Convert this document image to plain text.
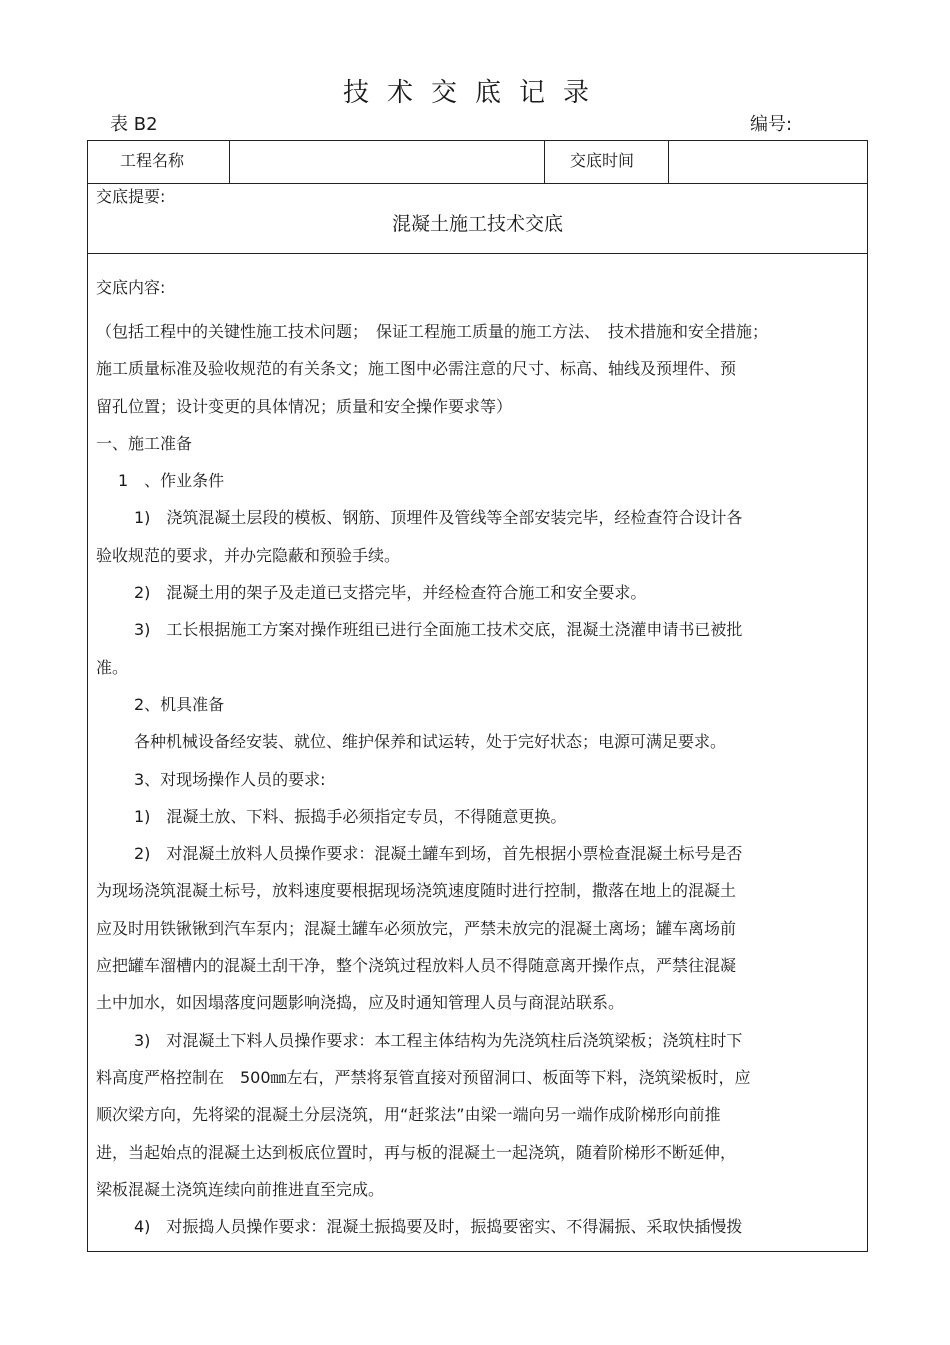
技术交底记录
表 B2	编号:
工程名称	交底时间
交底提要:
混凝土施工技术交底
交底内容:

（包括工程中的关键性施工技术问题；　保证工程施工质量的施工方法、　技术措施和安全措施；

施工质量标准及验收规范的有关条文；施工图中必需注意的尺寸、标高、轴线及预埋件、预

留孔位置；设计变更的具体情况；质量和安全操作要求等）

一、施工准备

1　、作业条件

1)　浇筑混凝土层段的模板、钢筋、顶埋件及管线等全部安装完毕，经检查符合设计各

验收规范的要求，并办完隐蔽和预验手续。

2)　混凝土用的架子及走道已支搭完毕，并经检查符合施工和安全要求。

3)　工长根据施工方案对操作班组已进行全面施工技术交底，混凝土浇灌申请书已被批

准。

2、机具准备

各种机械设备经安装、就位、维护保养和试运转，处于完好状态；电源可满足要求。

3、对现场操作人员的要求:

1)　混凝土放、下料、振捣手必须指定专员，不得随意更换。

2)　对混凝土放料人员操作要求：混凝土罐车到场，首先根据小票检查混凝土标号是否

为现场浇筑混凝土标号，放料速度要根据现场浇筑速度随时进行控制，撒落在地上的混凝土

应及时用铁锹锹到汽车泵内；混凝土罐车必须放完，严禁未放完的混凝土离场；罐车离场前

应把罐车溜槽内的混凝土刮干净，整个浇筑过程放料人员不得随意离开操作点，严禁往混凝

土中加水，如因塌落度问题影响浇捣，应及时通知管理人员与商混站联系。

3)　对混凝土下料人员操作要求：本工程主体结构为先浇筑柱后浇筑梁板；浇筑柱时下

料高度严格控制在　500㎜左右，严禁将泵管直接对预留洞口、板面等下料，浇筑梁板时，应

顺次梁方向，先将梁的混凝土分层浇筑，用“赶浆法”由梁一端向另一端作成阶梯形向前推

进，当起始点的混凝土达到板底位置时，再与板的混凝土一起浇筑，随着阶梯形不断延伸，

梁板混凝土浇筑连续向前推进直至完成。

4)　对振捣人员操作要求：混凝土振捣要及时，振捣要密实、不得漏振、采取快插慢拨
